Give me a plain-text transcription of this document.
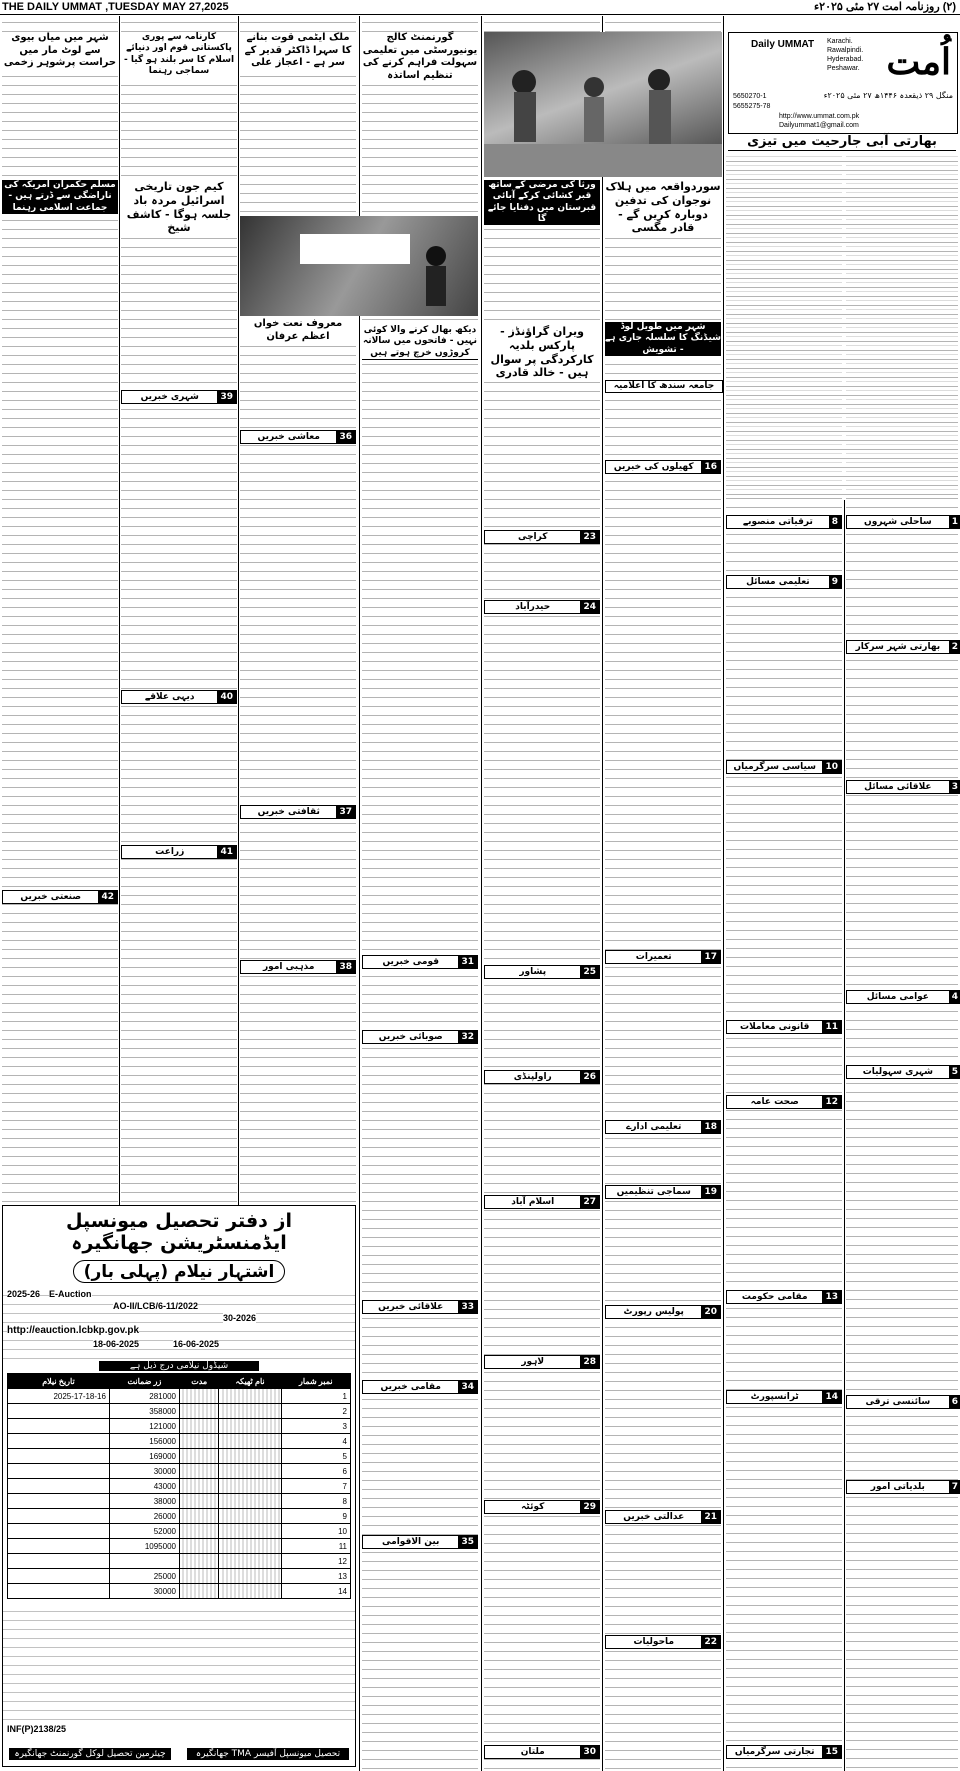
THE DAILY UMMAT ,TUESDAY MAY 27,2025	(۲) روزنامہ امت ۲۷ مئی ۲۰۲۵ء
اُمت
Daily UMMAT Karachi. Rawalpindi. Hyderabad. Peshawar.
منگل ۲۹ ذیقعدہ ۱۴۴۶ھ ۲۷ مئی ۲۰۲۵ء
5650270-1
5655275-78
http://www.ummat.com.pk
Dailyummat1@gmail.com
بھارتی آبی جارحیت میں تیزی
ملک ایٹمی قوت بنانے کا سہرا ڈاکٹر قدیر کے سر ہے - اعجاز علی
کارنامہ سے پوری پاکستانی قوم اور دنیائے اسلام کا سر بلند ہو گیا - سماجی رہنما
گورنمنٹ کالج یونیورسٹی میں تعلیمی سہولت فراہم کرنے کی تنظیم اساتذہ
شہر میں میاں بیوی سے لوٹ مار میں حراست پرشوہر زخمی
کیم جون تاریخی اسرائیل مردہ باد جلسہ ہوگا - کاشف شیخ
مسلم حکمران امریکہ کی ناراضگی سے ڈرتے ہیں - جماعت اسلامی رہنما
سوردواقعہ میں ہلاک نوجوان کی تدفین دوبارہ کریں گے - قادر مگسی
ورثا کی مرضی کے ساتھ قبر کشائی کرکے آبائی قبرستان میں دفنایا جائے گا
ویران گراؤنڈز - پارکس بلدیہ کارکردگی پر سوال ہیں - خالد قادری
دیکھ بھال کرنے والا کوئی نہیں - فاتحوں میں سالانہ کروڑوں خرچ ہوتے ہیں
معروف نعت خواں اعظم عرفان
شہر میں طویل لوڈ شیڈنگ کا سلسلہ جاری ہے - تشویش
جامعہ سندھ کا اعلامیہ
1
ساحلی شہروں
2
بھارتی شہر سرکار
3
علاقائی مسائل
4
عوامی مسائل
5
شہری سہولیات
6
سائنسی ترقی
7
بلدیاتی امور
8
ترقیاتی منصوبے
9
تعلیمی مسائل
10
سیاسی سرگرمیاں
11
قانونی معاملات
12
صحت عامہ
13
مقامی حکومت
14
ٹرانسپورٹ
15
تجارتی سرگرمیاں
16
کھیلوں کی خبریں
17
تعمیرات
18
تعلیمی ادارے
19
سماجی تنظیمیں
20
پولیس رپورٹ
21
عدالتی خبریں
22
ماحولیات
23
کراچی
24
حیدرآباد
25
پشاور
26
راولپنڈی
27
اسلام آباد
28
لاہور
29
کوئٹہ
30
ملتان
31
قومی خبریں
32
صوبائی خبریں
33
علاقائی خبریں
34
مقامی خبریں
35
بین الاقوامی
36
معاشی خبریں
37
ثقافتی خبریں
38
مذہبی امور
39
شہری خبریں
40
دیہی علاقے
41
زراعت
42
صنعتی خبریں
از دفتر تحصیل میونسپل ایڈمنسٹریشن جھانگیرہ
اشتہار نیلام (پہلی بار)
E-Auction
2025-26
AO-II/LCB/6-11/2022
16-06-2025
18-06-2025
30-2026
http://eauction.lcbkp.gov.pk
شیڈول نیلامی درج ذیل ہے
نمبر شمار	نام ٹھیکہ	مدت	زر ضمانت	تاریخ نیلام
1			281000	2025-17-18-16
2			358000	
3			121000	
4			156000	
5			169000	
6			30000	
7			43000	
8			38000	
9			26000	
10			52000	
11			1095000	
12				
13			25000	
14			30000	
INF(P)2138/25
چیئرمین تحصیل لوکل گورنمنٹ جھانگیرہ	تحصیل میونسپل آفیسر TMA جھانگیرہ
